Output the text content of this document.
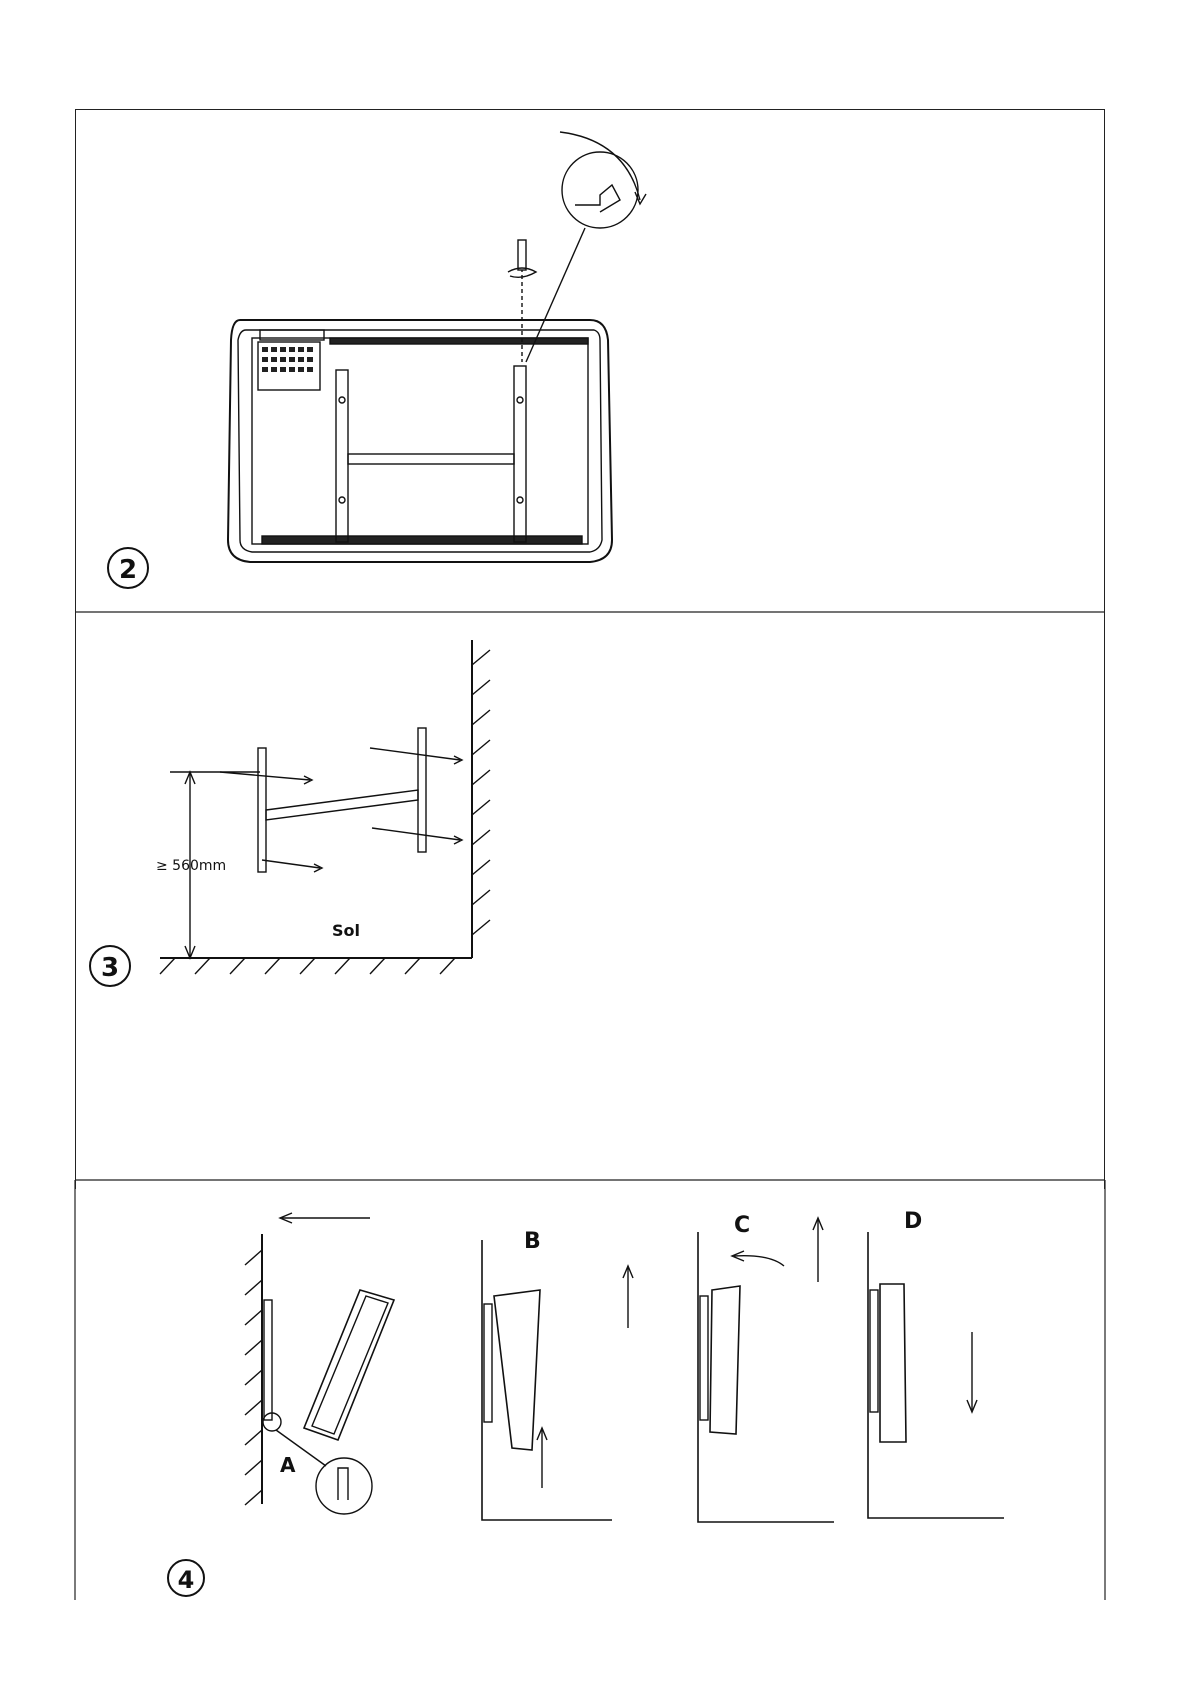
2
≥ 560mm
Sol
3
A
B
C	D
4
